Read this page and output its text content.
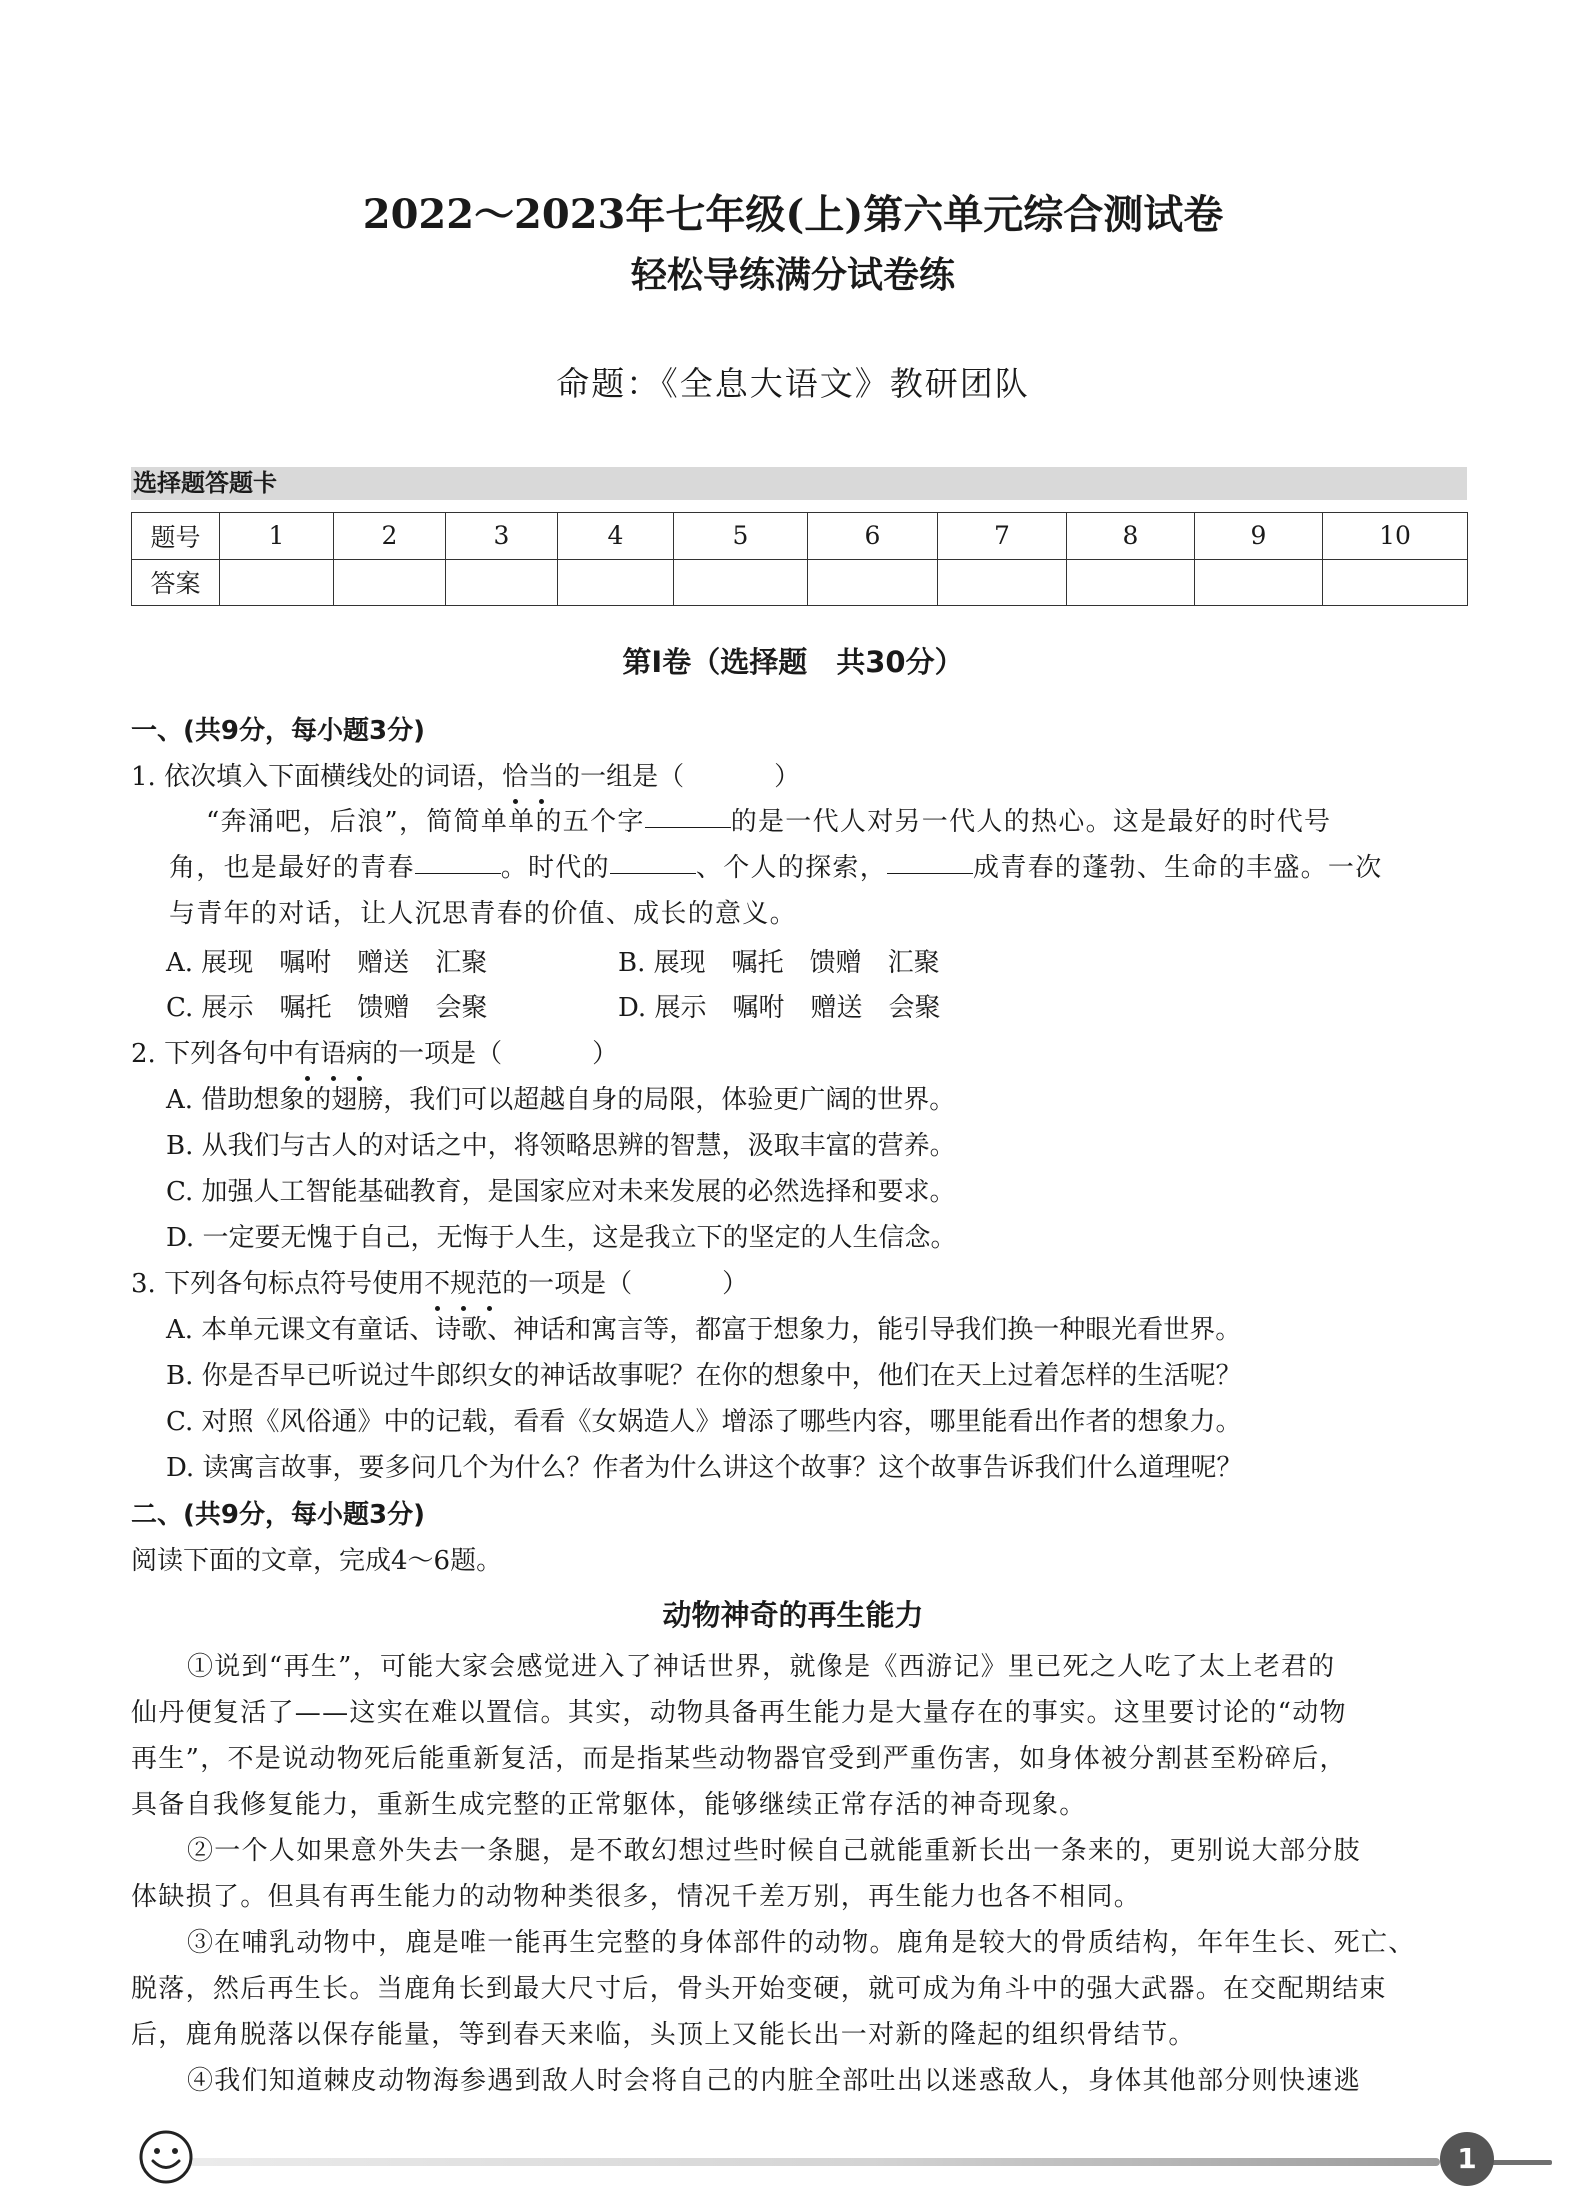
2022～2023年七年级(上)第六单元综合测试卷
轻松导练满分试卷练
命题：《全息大语文》教研团队
选择题答题卡
题号	1	2	3	4	5	6	7	8	9	10
答案										
第Ⅰ卷（选择题　共30分）
一、(共9分，每小题3分)
1. 依次填入下面横线处的词语，恰当的一组是（	）
“奔涌吧，后浪”，简简单单的五个字	的是一代人对另一代人的热心。这是最好的时代号
角，也是最好的青春	。时代的	、个人的探索，	成青春的蓬勃、生命的丰盛。一次
与青年的对话，让人沉思青春的价值、成长的意义。
A. 展现　嘱咐　赠送　汇聚	B. 展现　嘱托　馈赠　汇聚
C. 展示　嘱托　馈赠　会聚	D. 展示　嘱咐　赠送　会聚
2. 下列各句中有语病的一项是（	）
A. 借助想象的翅膀，我们可以超越自身的局限，体验更广阔的世界。
B. 从我们与古人的对话之中，将领略思辨的智慧，汲取丰富的营养。
C. 加强人工智能基础教育，是国家应对未来发展的必然选择和要求。
D. 一定要无愧于自己，无悔于人生，这是我立下的坚定的人生信念。
3. 下列各句标点符号使用不规范的一项是（	）
A. 本单元课文有童话、诗歌、神话和寓言等，都富于想象力，能引导我们换一种眼光看世界。
B. 你是否早已听说过牛郎织女的神话故事呢？在你的想象中，他们在天上过着怎样的生活呢？
C. 对照《风俗通》中的记载，看看《女娲造人》增添了哪些内容，哪里能看出作者的想象力。
D. 读寓言故事，要多问几个为什么？作者为什么讲这个故事？这个故事告诉我们什么道理呢？
二、(共9分，每小题3分)
阅读下面的文章，完成4～6题。
动物神奇的再生能力
①说到“再生”，可能大家会感觉进入了神话世界，就像是《西游记》里已死之人吃了太上老君的
仙丹便复活了——这实在难以置信。其实，动物具备再生能力是大量存在的事实。这里要讨论的“动物
再生”，不是说动物死后能重新复活，而是指某些动物器官受到严重伤害，如身体被分割甚至粉碎后，
具备自我修复能力，重新生成完整的正常躯体，能够继续正常存活的神奇现象。
②一个人如果意外失去一条腿，是不敢幻想过些时候自己就能重新长出一条来的，更别说大部分肢
体缺损了。但具有再生能力的动物种类很多，情况千差万别，再生能力也各不相同。
③在哺乳动物中，鹿是唯一能再生完整的身体部件的动物。鹿角是较大的骨质结构，年年生长、死亡、
脱落，然后再生长。当鹿角长到最大尺寸后，骨头开始变硬，就可成为角斗中的强大武器。在交配期结束
后，鹿角脱落以保存能量，等到春天来临，头顶上又能长出一对新的隆起的组织骨结节。
④我们知道棘皮动物海参遇到敌人时会将自己的内脏全部吐出以迷惑敌人，身体其他部分则快速逃
1
